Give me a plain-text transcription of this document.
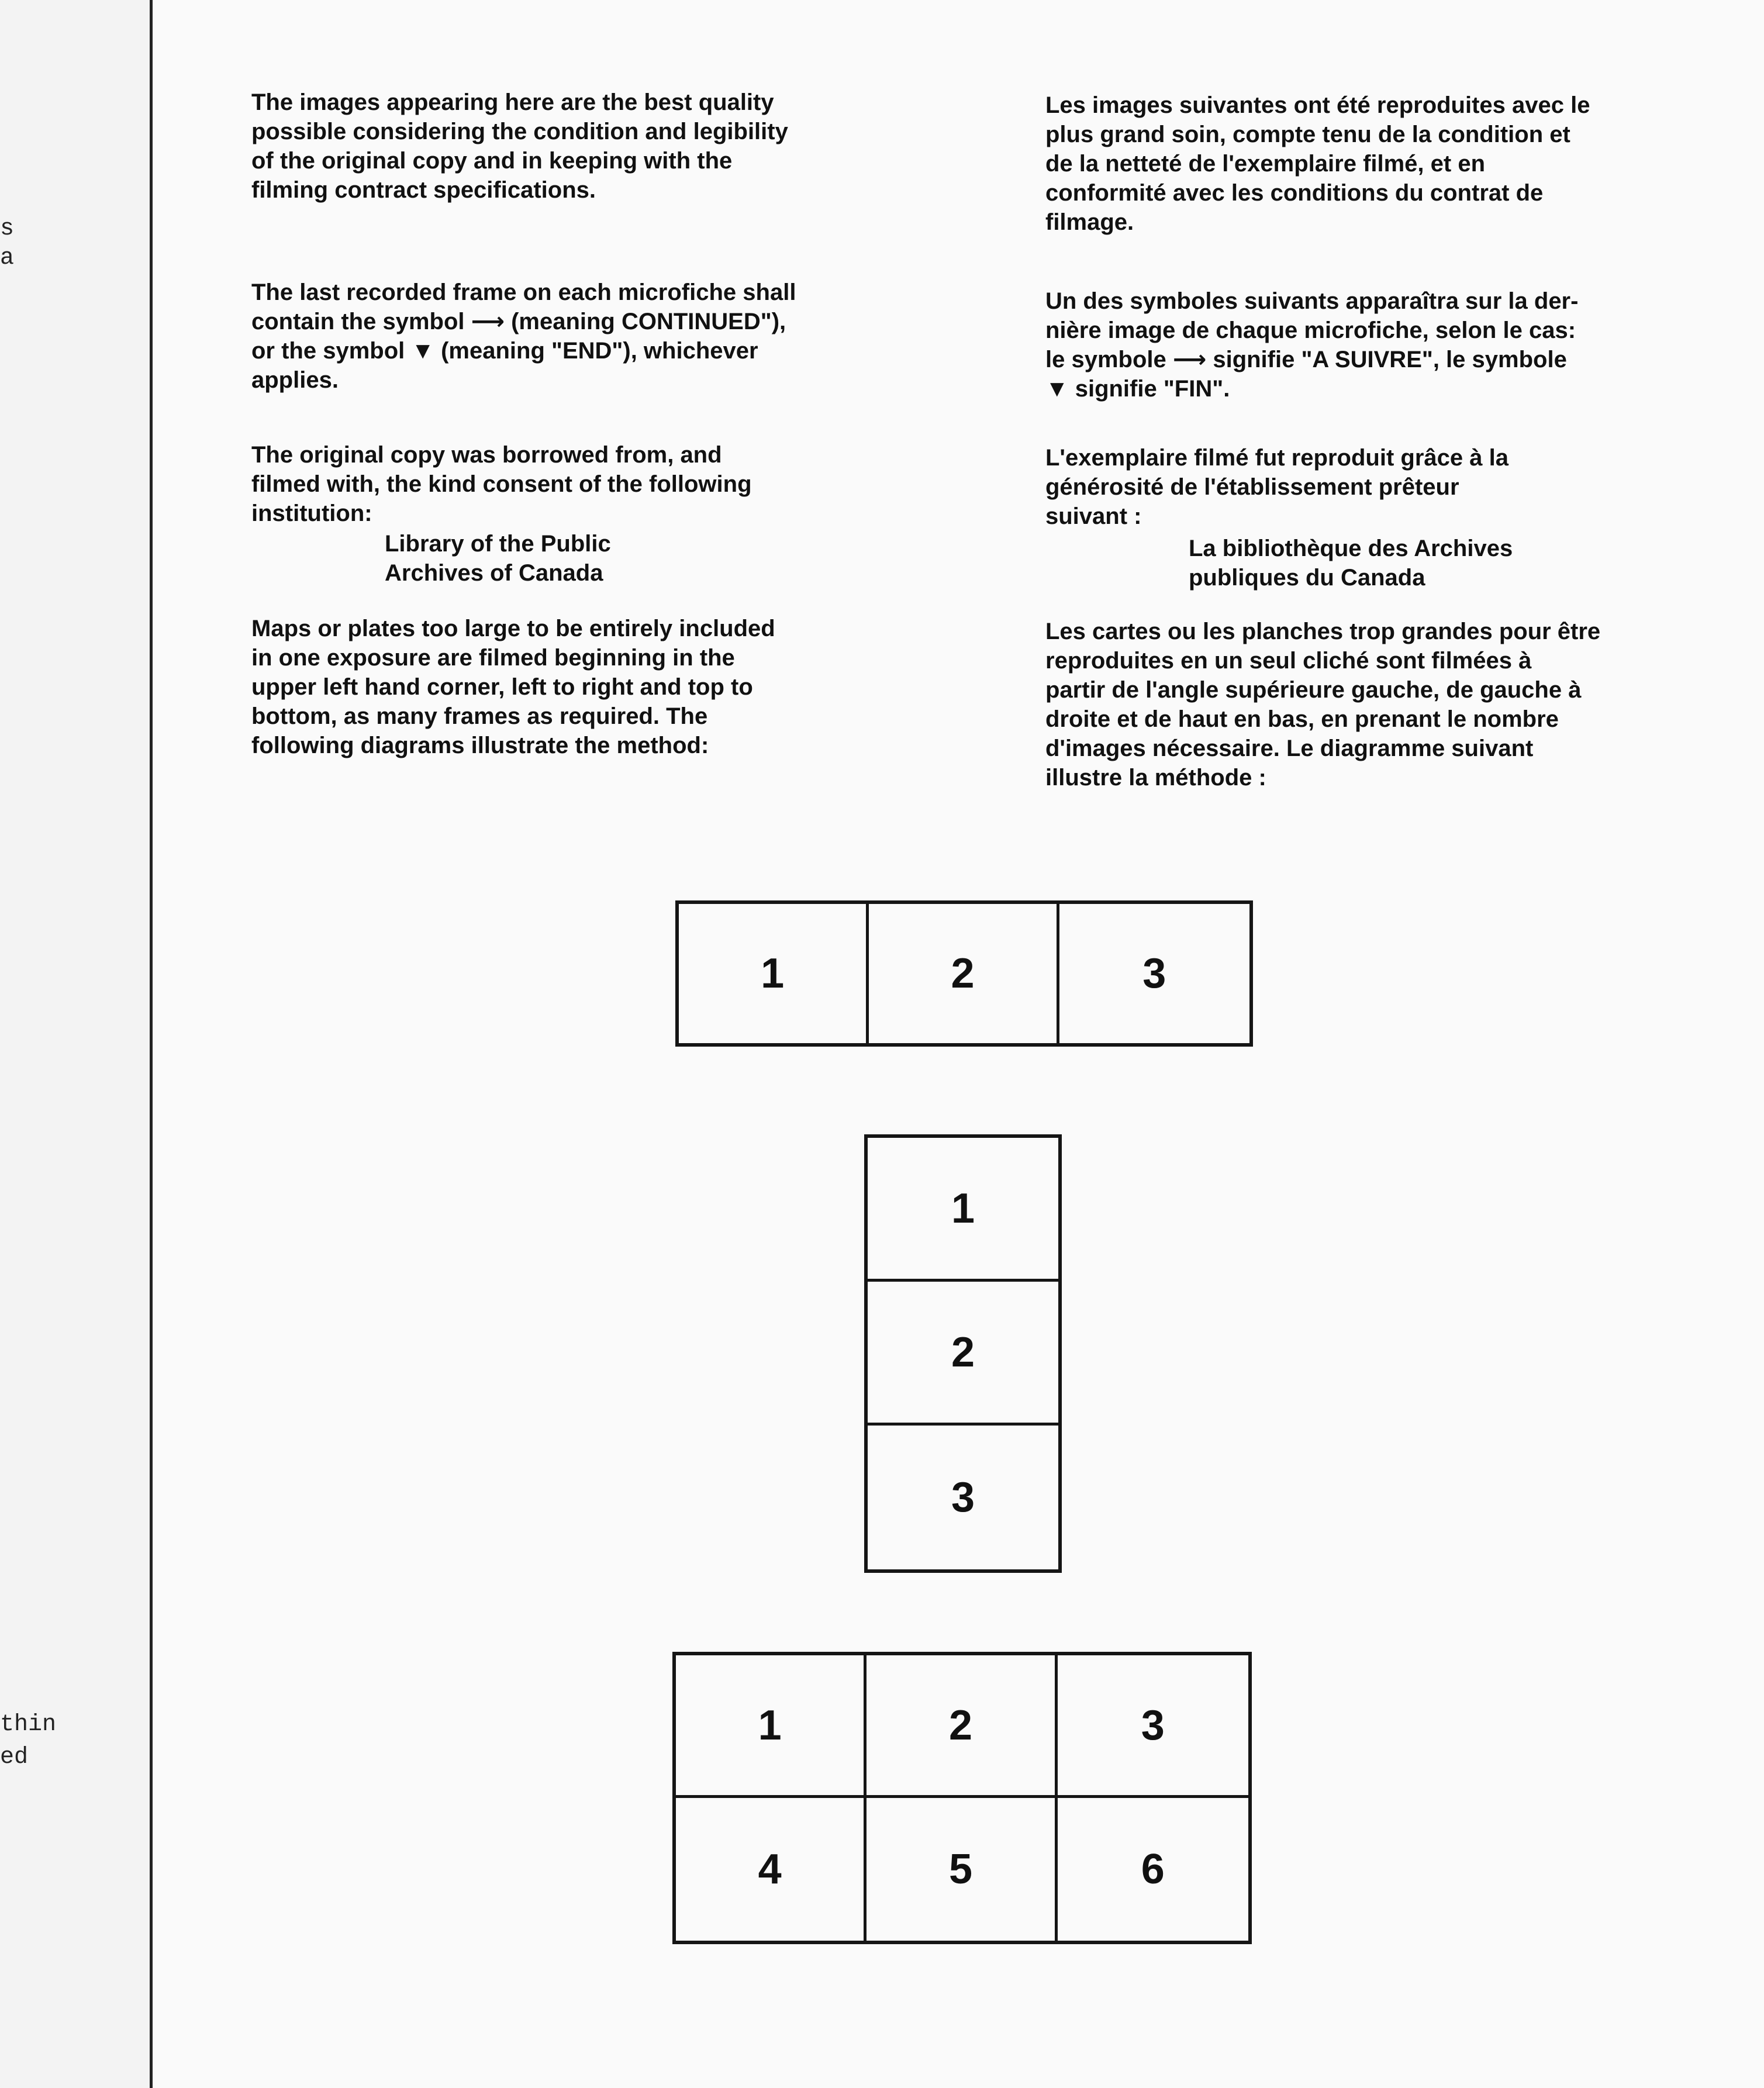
s
a
thin
ed
The images appearing here are the best quality
possible considering the condition and legibility
of the original copy and in keeping with the
filming contract specifications.
The last recorded frame on each microfiche shall
contain the symbol ⟶ (meaning CONTINUED"),
or the symbol ▼ (meaning "END"), whichever
applies.
The original copy was borrowed from, and
filmed with, the kind consent of the following
institution:
Library of the Public
Archives of Canada
Maps or plates too large to be entirely included
in one exposure are filmed beginning in the
upper left hand corner, left to right and top to
bottom, as many frames as required. The
following diagrams illustrate the method:
Les images suivantes ont été reproduites avec le
plus grand soin, compte tenu de la condition et
de la netteté de l'exemplaire filmé, et en
conformité avec les conditions du contrat de
filmage.
Un des symboles suivants apparaîtra sur la der-
nière image de chaque microfiche, selon le cas:
le symbole ⟶ signifie "A SUIVRE", le symbole
▼ signifie "FIN".
L'exemplaire filmé fut reproduit grâce à la
générosité de l'établissement prêteur
suivant :
La bibliothèque des Archives
publiques du Canada
Les cartes ou les planches trop grandes pour être
reproduites en un seul cliché sont filmées à
partir de l'angle supérieure gauche, de gauche à
droite et de haut en bas, en prenant le nombre
d'images nécessaire. Le diagramme suivant
illustre la méthode :
1	2	3
1
2
3
1	2	3
4	5	6
